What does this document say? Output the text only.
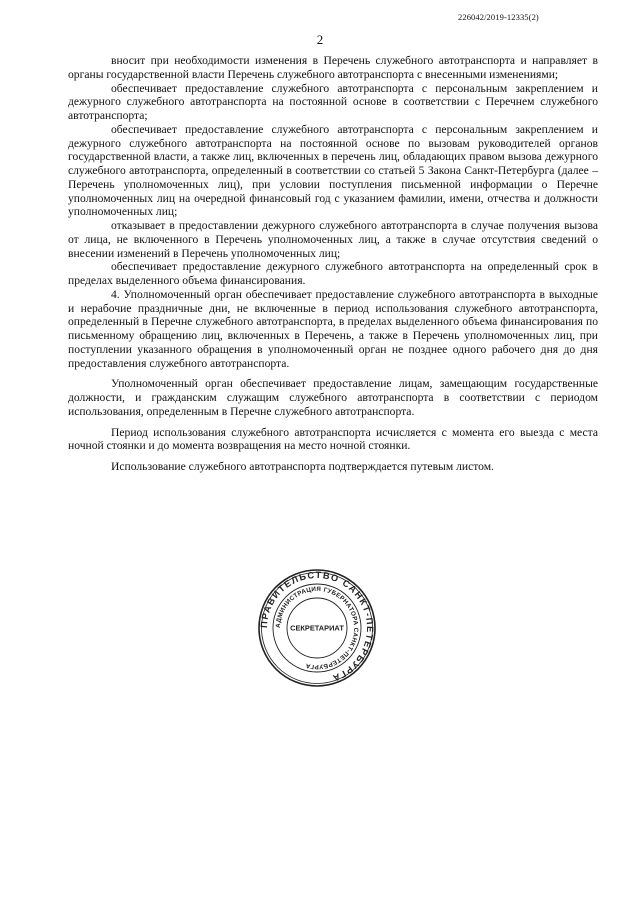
226042/2019-12335(2)
2

вносит при необходимости изменения в Перечень служебного автотранспорта и направляет в органы государственной власти Перечень служебного автотранспорта с внесенными изменениями;

обеспечивает предоставление служебного автотранспорта с персональным закреплением и дежурного служебного автотранспорта на постоянной основе в соответствии с Перечнем служебного автотранспорта;

обеспечивает предоставление служебного автотранспорта с персональным закреплением и дежурного служебного автотранспорта на постоянной основе по вызовам руководителей органов государственной власти, а также лиц, включенных в перечень лиц, обладающих правом вызова дежурного служебного автотранспорта, определенный в соответствии со статьей 5 Закона Санкт-Петербурга (далее – Перечень уполномоченных лиц), при условии поступления письменной информации о Перечне уполномоченных лиц на очередной финансовый год с указанием фамилии, имени, отчества и должности уполномоченных лиц;

отказывает в предоставлении дежурного служебного автотранспорта в случае получения вызова от лица, не включенного в Перечень уполномоченных лиц, а также в случае отсутствия сведений о внесении изменений в Перечень уполномоченных лиц;

обеспечивает предоставление дежурного служебного автотранспорта на определенный срок в пределах выделенного объема финансирования.

4. Уполномоченный орган обеспечивает предоставление служебного автотранспорта в выходные и нерабочие праздничные дни, не включенные в период использования служебного автотранспорта, определенный в Перечне служебного автотранспорта, в пределах выделенного объема финансирования по письменному обращению лиц, включенных в Перечень, а также в Перечень уполномоченных лиц, при поступлении указанного обращения в уполномоченный орган не позднее одного рабочего дня до дня предоставления служебного автотранспорта.

Уполномоченный орган обеспечивает предоставление лицам, замещающим государственные должности, и гражданским служащим служебного автотранспорта в соответствии с периодом использования, определенным в Перечне служебного автотранспорта.

Период использования служебного автотранспорта исчисляется с момента его выезда с места ночной стоянки и до момента возвращения на место ночной стоянки.

Использование служебного автотранспорта подтверждается путевым листом.

ПРАВИТЕЛЬСТВО САНКТ-ПЕТЕРБУРГА
АДМИНИСТРАЦИЯ ГУБЕРНАТОРА САНКТ-ПЕТЕРБУРГА
СЕКРЕТАРИАТ
